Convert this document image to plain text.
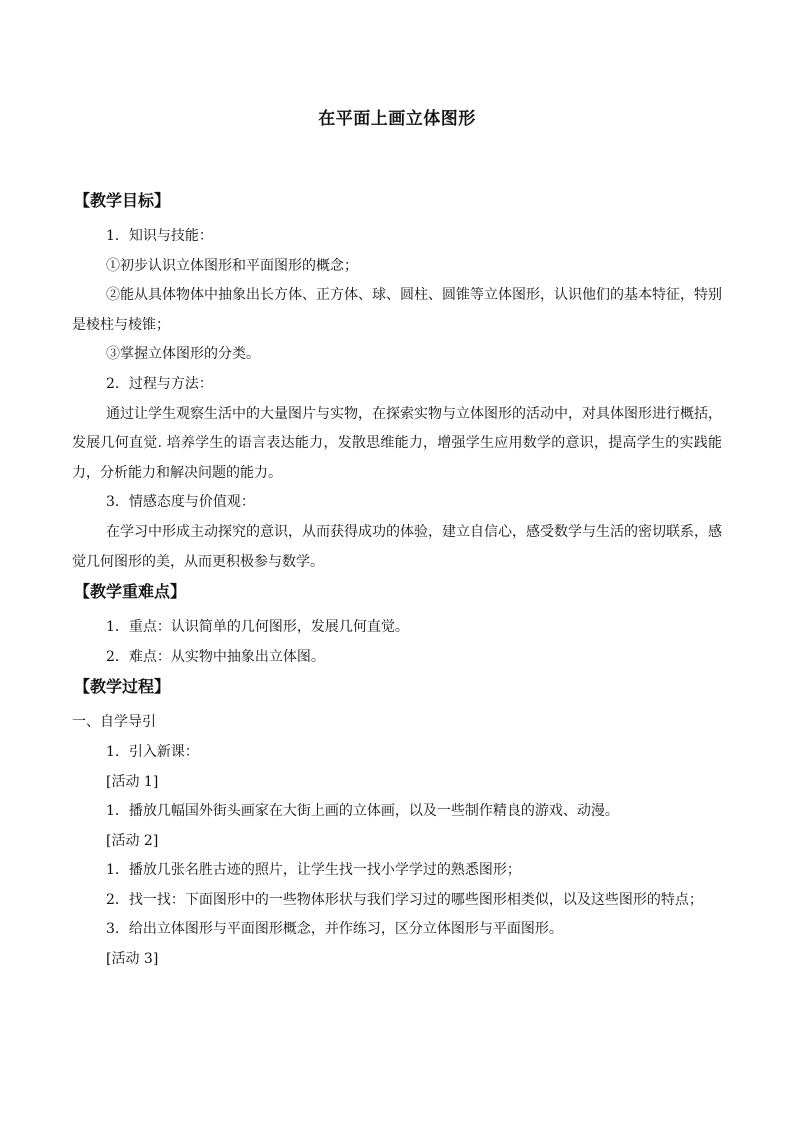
在平面上画立体图形
【教学目标】
1．知识与技能：
①初步认识立体图形和平面图形的概念；
②能从具体物体中抽象出长方体、正方体、球、圆柱、圆锥等立体图形，认识他们的基本特征，特别是棱柱与棱锥；
③掌握立体图形的分类。
2．过程与方法：
通过让学生观察生活中的大量图片与实物，在探索实物与立体图形的活动中，对具体图形进行概括，发展几何直觉. 培养学生的语言表达能力，发散思维能力，增强学生应用数学的意识，提高学生的实践能力，分析能力和解决问题的能力。
3．情感态度与价值观：
在学习中形成主动探究的意识，从而获得成功的体验，建立自信心，感受数学与生活的密切联系，感觉几何图形的美，从而更积极参与数学。
【教学重难点】
1．重点：认识简单的几何图形，发展几何直觉。
2．难点：从实物中抽象出立体图。
【教学过程】
一、自学导引
1．引入新课：
[活动 1]
1．播放几幅国外街头画家在大街上画的立体画，以及一些制作精良的游戏、动漫。
[活动 2]
1．播放几张名胜古迹的照片，让学生找一找小学学过的熟悉图形；
2．找一找：下面图形中的一些物体形状与我们学习过的哪些图形相类似，以及这些图形的特点；
3．给出立体图形与平面图形概念，并作练习，区分立体图形与平面图形。
[活动 3]
